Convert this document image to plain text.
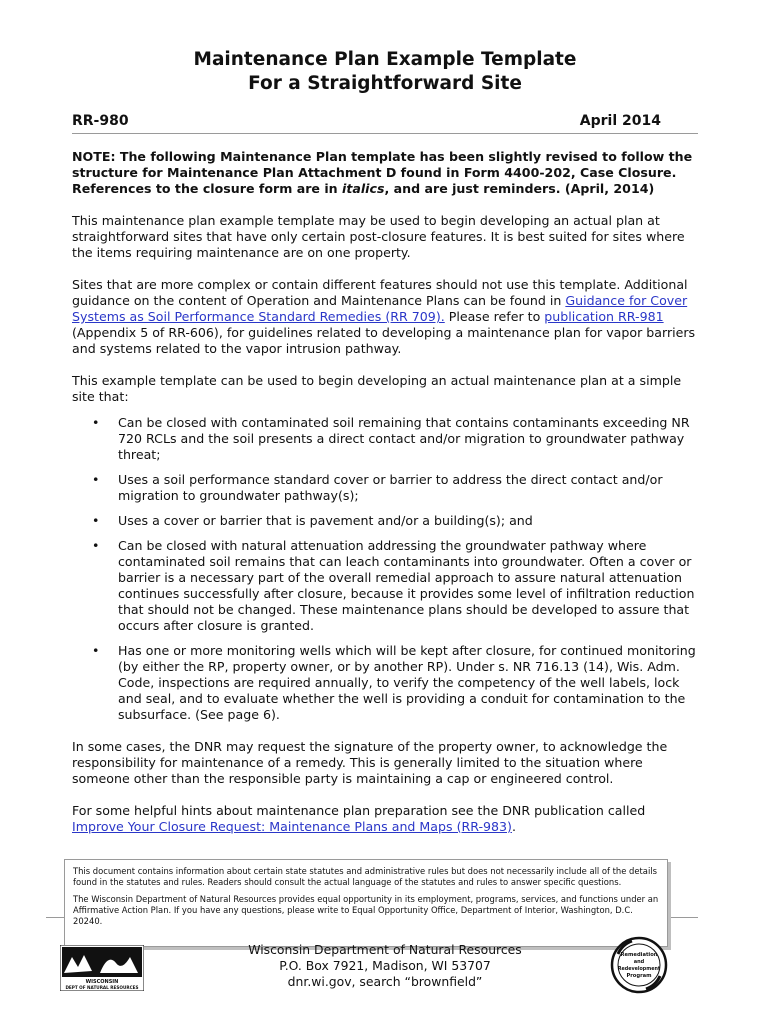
Maintenance Plan Example Template
For a Straightforward Site
RR-980	April 2014

NOTE: The following Maintenance Plan template has been slightly revised to follow the structure for Maintenance Plan Attachment D found in Form 4400-202, Case Closure. References to the closure form are in italics, and are just reminders. (April, 2014)

This maintenance plan example template may be used to begin developing an actual plan at straightforward sites that have only certain post-closure features. It is best suited for sites where the items requiring maintenance are on one property.

Sites that are more complex or contain different features should not use this template. Additional guidance on the content of Operation and Maintenance Plans can be found in Guidance for Cover Systems as Soil Performance Standard Remedies (RR 709). Please refer to publication RR-981 (Appendix 5 of RR-606), for guidelines related to developing a maintenance plan for vapor barriers and systems related to the vapor intrusion pathway.

This example template can be used to begin developing an actual maintenance plan at a simple site that:

• Can be closed with contaminated soil remaining that contains contaminants exceeding NR 720 RCLs and the soil presents a direct contact and/or migration to groundwater pathway threat;
• Uses a soil performance standard cover or barrier to address the direct contact and/or migration to groundwater pathway(s);
• Uses a cover or barrier that is pavement and/or a building(s); and
• Can be closed with natural attenuation addressing the groundwater pathway where contaminated soil remains that can leach contaminants into groundwater. Often a cover or barrier is a necessary part of the overall remedial approach to assure natural attenuation continues successfully after closure, because it provides some level of infiltration reduction that should not be changed. These maintenance plans should be developed to assure that occurs after closure is granted.
• Has one or more monitoring wells which will be kept after closure, for continued monitoring (by either the RP, property owner, or by another RP). Under s. NR 716.13 (14), Wis. Adm. Code, inspections are required annually, to verify the competency of the well labels, lock and seal, and to evaluate whether the well is providing a conduit for contamination to the subsurface. (See page 6).

In some cases, the DNR may request the signature of the property owner, to acknowledge the responsibility for maintenance of a remedy. This is generally limited to the situation where someone other than the responsible party is maintaining a cap or engineered control.

For some helpful hints about maintenance plan preparation see the DNR publication called Improve Your Closure Request: Maintenance Plans and Maps (RR-983).

This document contains information about certain state statutes and administrative rules but does not necessarily include all of the details found in the statutes and rules. Readers should consult the actual language of the statutes and rules to answer specific questions.

The Wisconsin Department of Natural Resources provides equal opportunity in its employment, programs, services, and functions under an Affirmative Action Plan. If you have any questions, please write to Equal Opportunity Office, Department of Interior, Washington, D.C. 20240.

WISCONSIN
DEPT OF NATURAL RESOURCES
Wisconsin Department of Natural Resources
P.O. Box 7921, Madison, WI 53707
dnr.wi.gov, search “brownfield”
Remediation
and
Redevelopment
Program
